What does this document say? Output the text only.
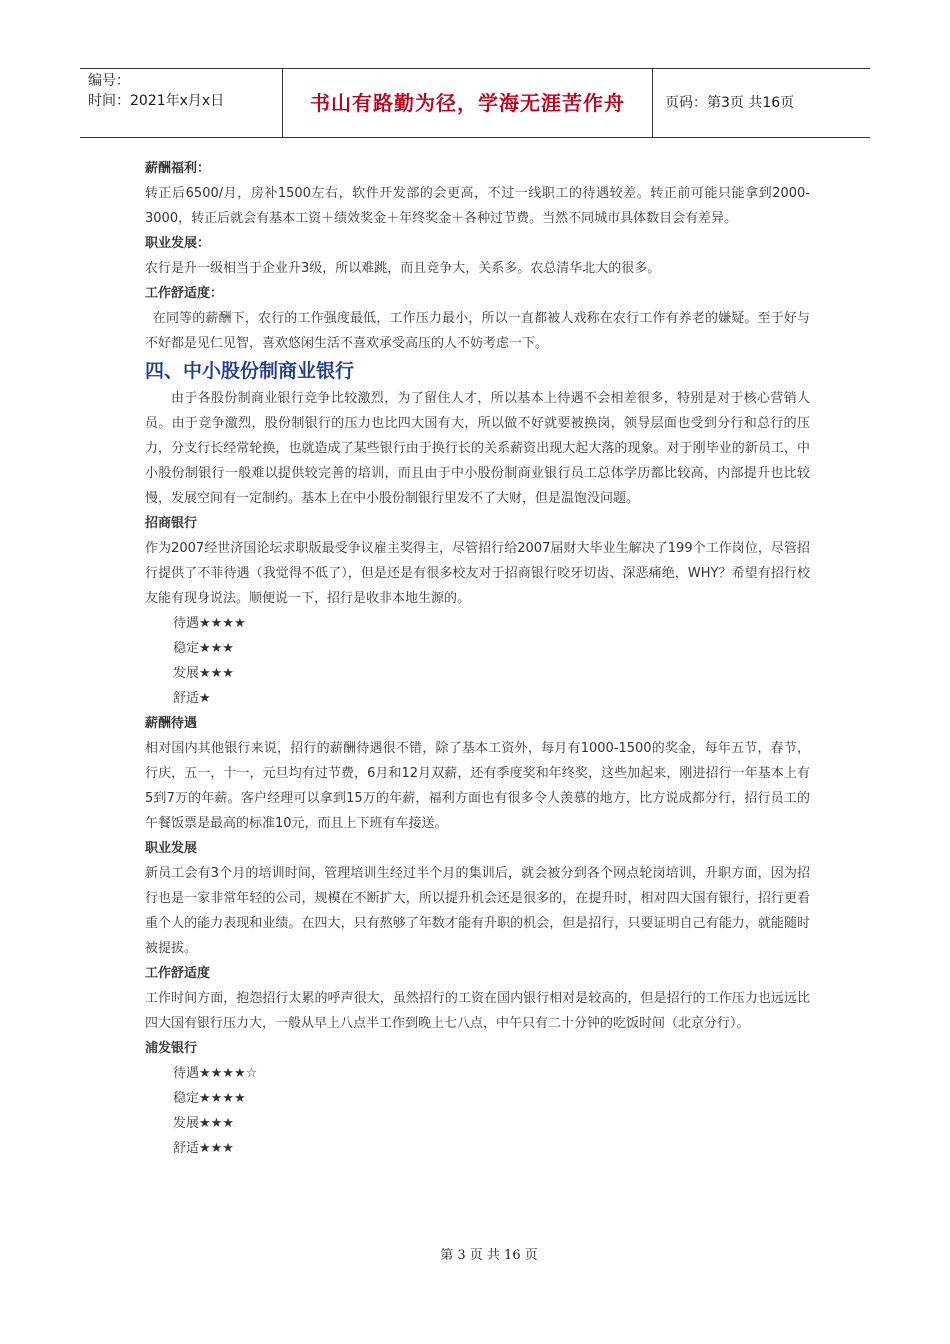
编号：
时间：2021年x月x日	书山有路勤为径，学海无涯苦作舟	页码：第3页 共16页
薪酬福利：
转正后6500/月，房补1500左右，软件开发部的会更高，不过一线职工的待遇较差。转正前可能只能拿到2000-3000，转正后就会有基本工资＋绩效奖金＋年终奖金＋各种过节费。当然不同城市具体数目会有差异。
职业发展：
农行是升一级相当于企业升3级，所以难跳，而且竞争大，关系多。农总清华北大的很多。
工作舒适度：
在同等的薪酬下，农行的工作强度最低，工作压力最小，所以一直都被人戏称在农行工作有养老的嫌疑。至于好与不好都是见仁见智，喜欢悠闲生活不喜欢承受高压的人不妨考虑一下。
四、中小股份制商业银行
由于各股份制商业银行竞争比较激烈，为了留住人才，所以基本上待遇不会相差很多，特别是对于核心营销人员。由于竞争激烈，股份制银行的压力也比四大国有大，所以做不好就要被换岗，领导层面也受到分行和总行的压力，分支行长经常轮换，也就造成了某些银行由于换行长的关系薪资出现大起大落的现象。对于刚毕业的新员工，中小股份制银行一般难以提供较完善的培训，而且由于中小股份制商业银行员工总体学历都比较高，内部提升也比较慢，发展空间有一定制约。基本上在中小股份制银行里发不了大财，但是温饱没问题。
招商银行
作为2007经世济国论坛求职版最受争议雇主奖得主，尽管招行给2007届财大毕业生解决了199个工作岗位，尽管招行提供了不菲待遇（我觉得不低了），但是还是有很多校友对于招商银行咬牙切齿、深恶痛绝，WHY？希望有招行校友能有现身说法。顺便说一下，招行是收非本地生源的。
待遇★★★★
稳定★★★
发展★★★
舒适★
薪酬待遇
相对国内其他银行来说，招行的薪酬待遇很不错，除了基本工资外，每月有1000-1500的奖金，每年五节，春节，行庆，五一，十一，元旦均有过节费，6月和12月双薪，还有季度奖和年终奖，这些加起来，刚进招行一年基本上有5到7万的年薪。客户经理可以拿到15万的年薪，福利方面也有很多令人羡慕的地方，比方说成都分行，招行员工的午餐饭票是最高的标准10元，而且上下班有车接送。
职业发展
新员工会有3个月的培训时间，管理培训生经过半个月的集训后，就会被分到各个网点轮岗培训，升职方面，因为招行也是一家非常年轻的公司，规模在不断扩大，所以提升机会还是很多的，在提升时，相对四大国有银行，招行更看重个人的能力表现和业绩。在四大，只有熬够了年数才能有升职的机会，但是招行，只要证明自己有能力，就能随时被提拔。
工作舒适度
工作时间方面，抱怨招行太累的呼声很大，虽然招行的工资在国内银行相对是较高的，但是招行的工作压力也远远比四大国有银行压力大，一般从早上八点半工作到晚上七八点，中午只有二十分钟的吃饭时间（北京分行）。
浦发银行
待遇★★★★☆
稳定★★★★
发展★★★
舒适★★★
第 3 页 共 16 页
